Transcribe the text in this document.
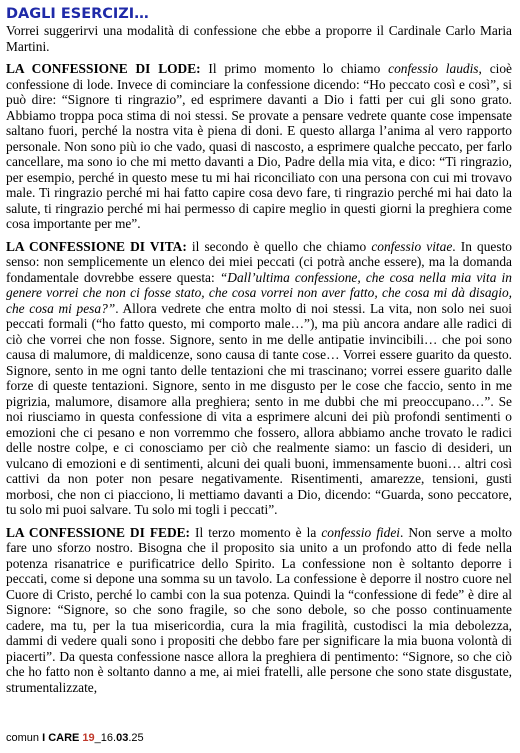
DAGLI ESERCIZI…

Vorrei suggerirvi una modalità di confessione che ebbe a proporre il Cardinale Carlo Maria Martini.

LA CONFESSIONE DI LODE: Il primo momento lo chiamo confessio laudis, cioè confessione di lode. Invece di cominciare la confessione dicendo: “Ho peccato così e così”, si può dire: “Signore ti ringrazio”, ed esprimere davanti a Dio i fatti per cui gli sono grato. Abbiamo troppa poca stima di noi stessi. Se provate a pensare vedrete quante cose impensate saltano fuori, perché la nostra vita è piena di doni. E questo allarga l’anima al vero rapporto personale. Non sono più io che vado, quasi di nascosto, a esprimere qualche peccato, per farlo cancellare, ma sono io che mi metto davanti a Dio, Padre della mia vita, e dico: “Ti ringrazio, per esempio, perché in questo mese tu mi hai riconciliato con una persona con cui mi trovavo male. Ti ringrazio perché mi hai fatto capire cosa devo fare, ti ringrazio perché mi hai dato la salute, ti ringrazio perché mi hai permesso di capire meglio in questi giorni la preghiera come cosa importante per me”.

LA CONFESSIONE DI VITA: il secondo è quello che chiamo confessio vitae. In questo senso: non semplicemente un elenco dei miei peccati (ci potrà anche essere), ma la domanda fondamentale dovrebbe essere questa: “Dall’ultima confessione, che cosa nella mia vita in genere vorrei che non ci fosse stato, che cosa vorrei non aver fatto, che cosa mi dà disagio, che cosa mi pesa?”. Allora vedrete che entra molto di noi stessi. La vita, non solo nei suoi peccati formali (“ho fatto questo, mi comporto male…”), ma più ancora andare alle radici di ciò che vorrei che non fosse. Signore, sento in me delle antipatie invincibili… che poi sono causa di malumore, di maldicenze, sono causa di tante cose… Vorrei essere guarito da questo. Signore, sento in me ogni tanto delle tentazioni che mi trascinano; vorrei essere guarito dalle forze di queste tentazioni. Signore, sento in me disgusto per le cose che faccio, sento in me pigrizia, malumore, disamore alla preghiera; sento in me dubbi che mi preoccupano…”. Se noi riusciamo in questa confessione di vita a esprimere alcuni dei più profondi sentimenti o emozioni che ci pesano e non vorremmo che fossero, allora abbiamo anche trovato le radici delle nostre colpe, e ci conosciamo per ciò che realmente siamo: un fascio di desideri, un vulcano di emozioni e di sentimenti, alcuni dei quali buoni, immensamente buoni… altri così cattivi da non poter non pesare negativamente. Risentimenti, amarezze, tensioni, gusti morbosi, che non ci piacciono, li mettiamo davanti a Dio, dicendo: “Guarda, sono peccatore, tu solo mi puoi salvare. Tu solo mi togli i peccati”.

LA CONFESSIONE DI FEDE: Il terzo momento è la confessio fidei. Non serve a molto fare uno sforzo nostro. Bisogna che il proposito sia unito a un profondo atto di fede nella potenza risanatrice e purificatrice dello Spirito. La confessione non è soltanto deporre i peccati, come si depone una somma su un tavolo. La confessione è deporre il nostro cuore nel Cuore di Cristo, perché lo cambi con la sua potenza. Quindi la “confessione di fede” è dire al Signore: “Signore, so che sono fragile, so che sono debole, so che posso continuamente cadere, ma tu, per la tua misericordia, cura la mia fragilità, custodisci la mia debolezza, dammi di vedere quali sono i propositi che debbo fare per significare la mia buona volontà di piacerti”. Da questa confessione nasce allora la preghiera di pentimento: “Signore, so che ciò che ho fatto non è soltanto danno a me, ai miei fratelli, alle persone che sono state disgustate, strumentalizzate,

comun I CARE 19_16.03.25
